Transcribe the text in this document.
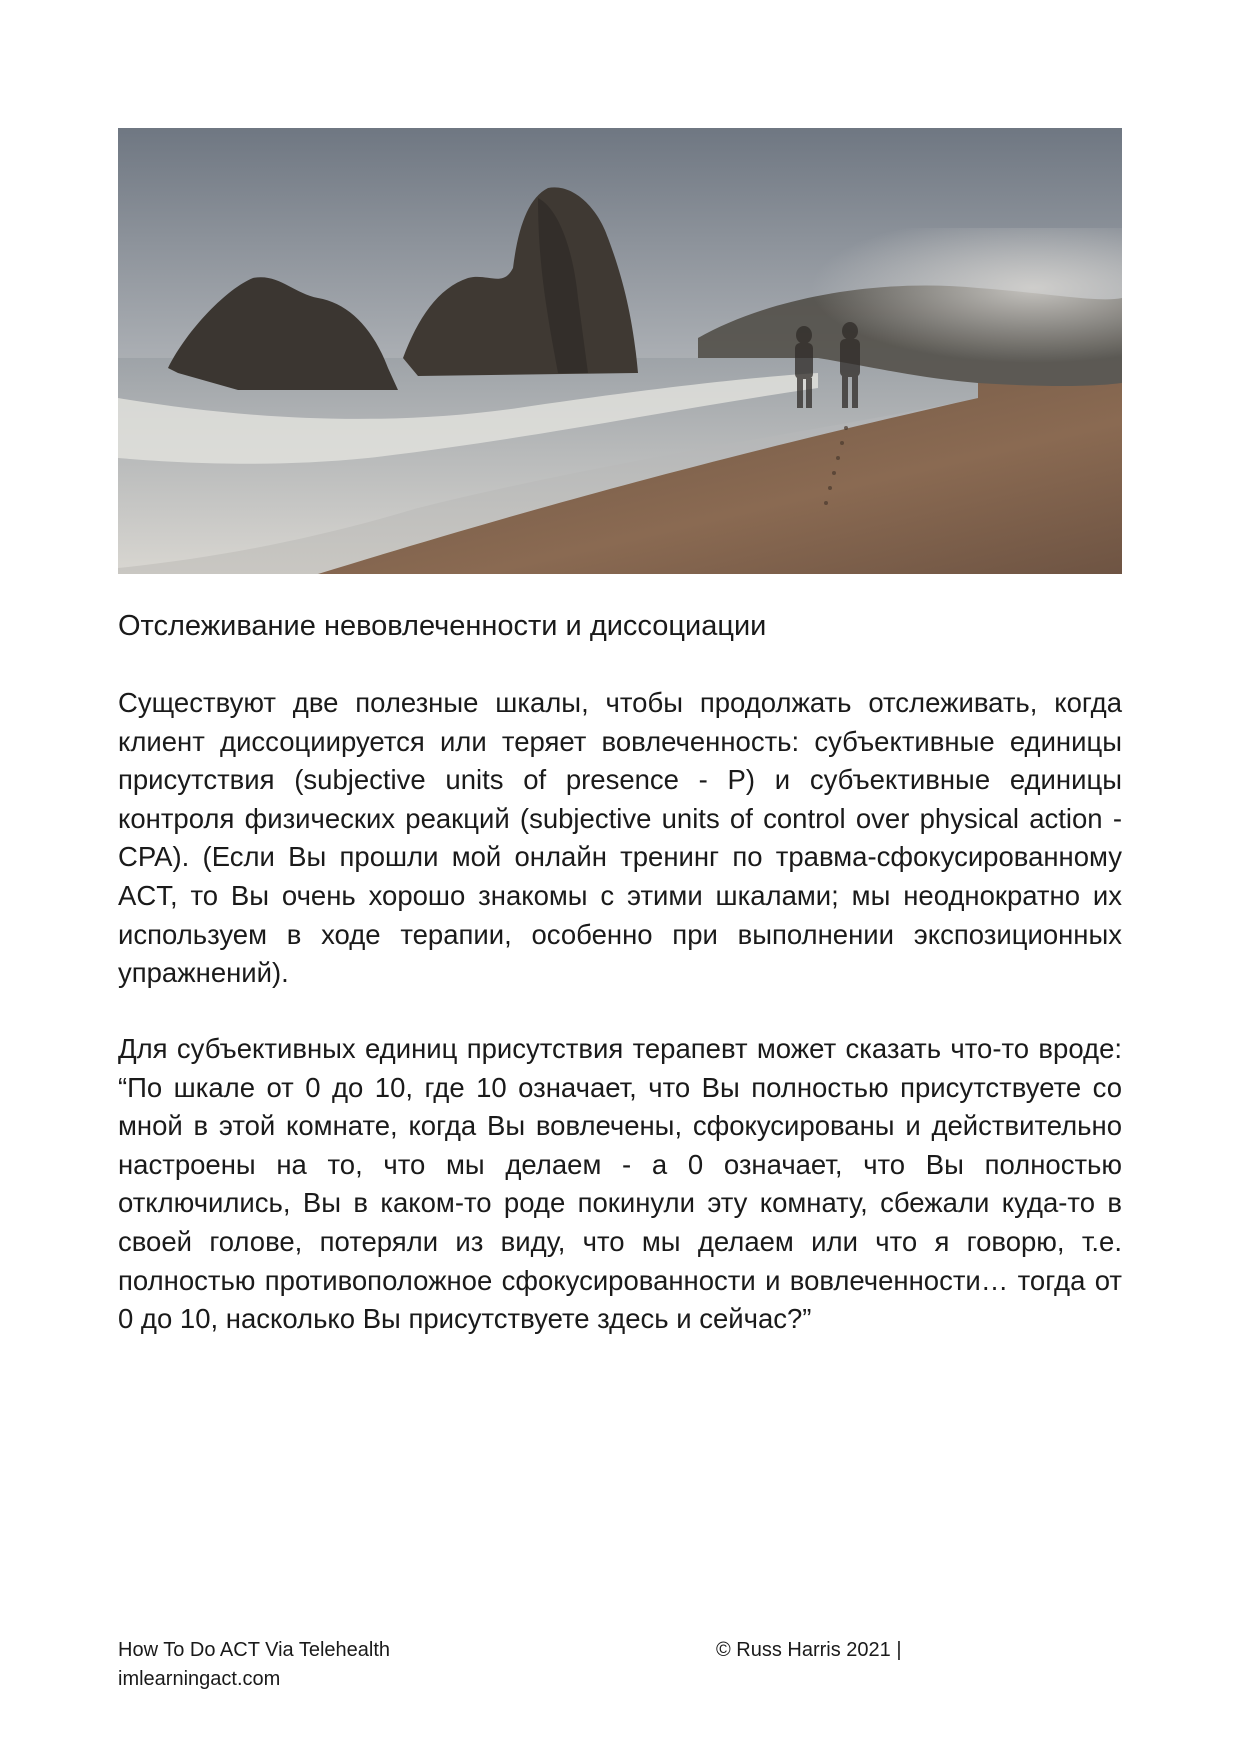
Отслеживание невовлеченности и диссоциации

Существуют две полезные шкалы, чтобы продолжать отслеживать, когда клиент диссоциируется или теряет вовлеченность: субъективные единицы присутствия (subjective units of presence - P) и субъективные единицы контроля физических реакций (subjective units of control over physical action - CPA). (Если Вы прошли мой онлайн тренинг по травма-сфокусированному ACT, то Вы очень хорошо знакомы с этими шкалами; мы неоднократно их используем в ходе терапии, особенно при выполнении экспозиционных упражнений).

Для субъективных единиц присутствия терапевт может сказать что-то вроде: “По шкале от 0 до 10, где 10 означает, что Вы полностью присутствуете со мной в этой комнате, когда Вы вовлечены, сфокусированы и действительно настроены на то, что мы делаем - а 0 означает, что Вы полностью отключились, Вы в каком-то роде покинули эту комнату, сбежали куда-то в своей голове, потеряли из виду, что мы делаем или что я говорю, т.е. полностью противоположное сфокусированности и вовлеченности… тогда от 0 до 10, насколько Вы присутствуете здесь и сейчас?”

How To Do ACT Via Telehealth
imlearningact.com
© Russ Harris 2021 |
